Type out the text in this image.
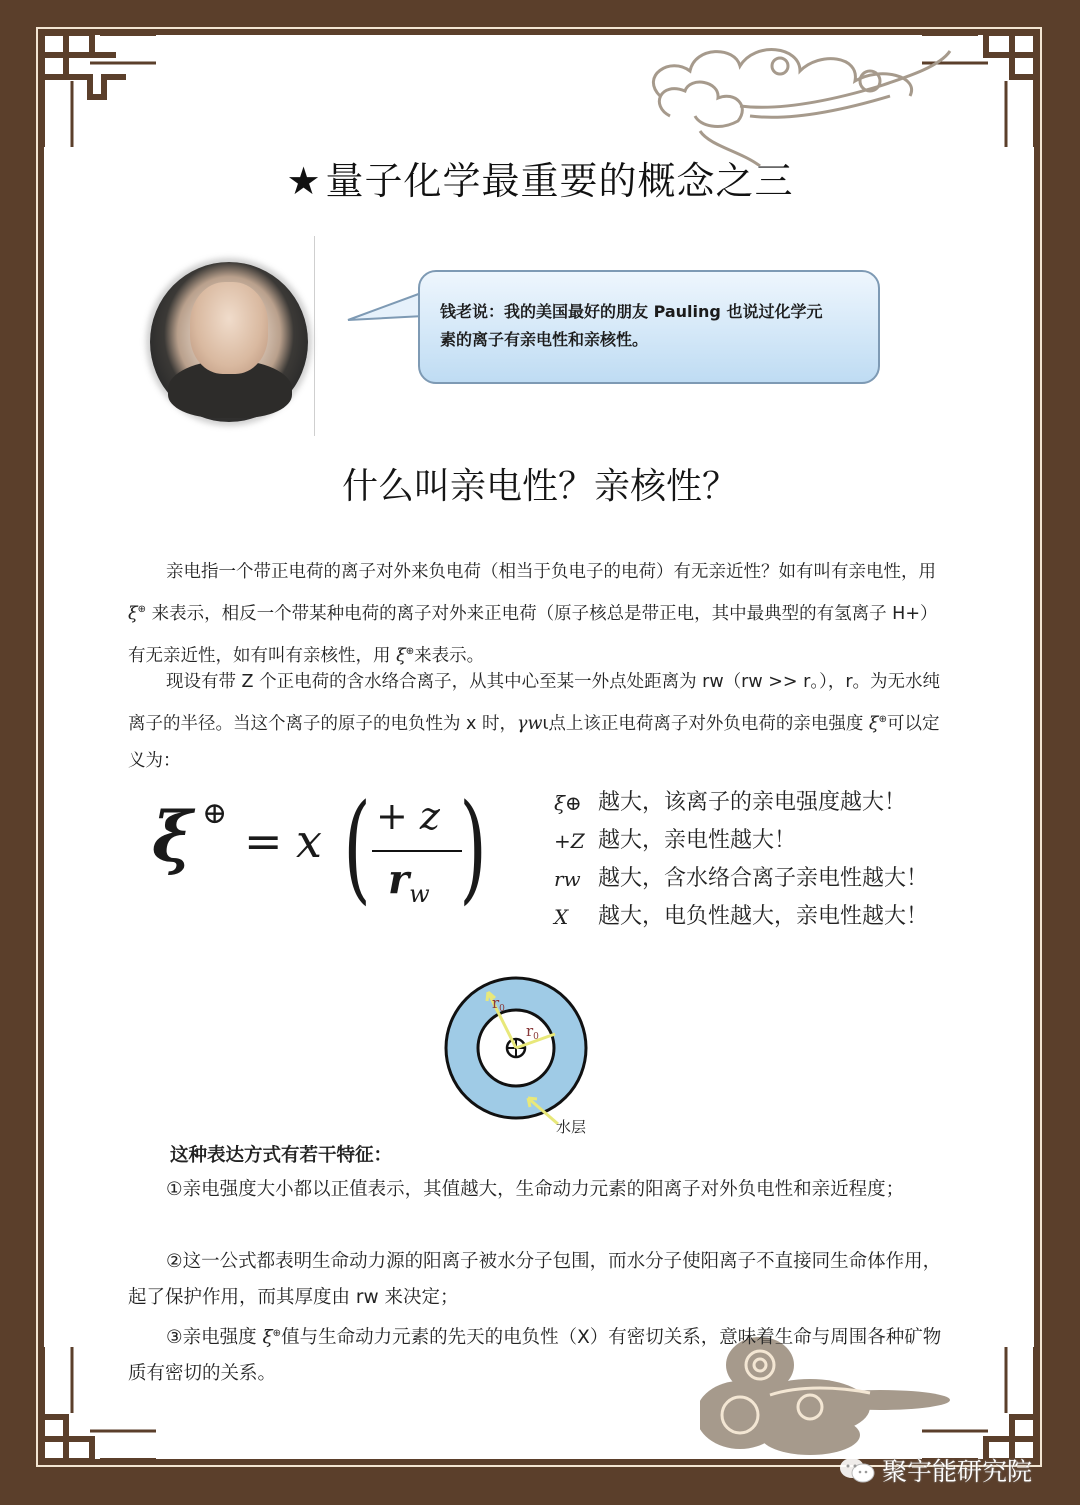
★ 量子化学最重要的概念之三
钱老说：我的美国最好的朋友 Pauling 也说过化学元
素的离子有亲电性和亲核性。
什么叫亲电性？亲核性？
亲电指一个带正电荷的离子对外来负电荷（相当于负电子的电荷）有无亲近性？如有叫有亲电性，用 ξ⊕ 来表示，相反一个带某种电荷的离子对外来正电荷（原子核总是带正电，其中最典型的有氢离子 H+）有无亲近性，如有叫有亲核性，用 ξ⊕来表示。
现设有带 Z 个正电荷的含水络合离子，从其中心至某一外点处距离为 rw（rw >> r。），r。为无水纯离子的半径。当这个离子的原子的电负性为 x 时，γwι点上该正电荷离子对外负电荷的亲电强度 ξ⊕可以定义为：
ξ ⊕
= x ( + z
$r_w$ )	ξ⊕ 越大，该离子的亲电强度越大！
+Z 越大，亲电性越大！
rw 越大，含水络合离子亲电性越大！
X	越大，电负性越大，亲电性越大！
$r_0$
$r_0$
水层
这种表达方式有若干特征：
①亲电强度大小都以正值表示，其值越大，生命动力元素的阳离子对外负电性和亲近程度；
②这一公式都表明生命动力源的阳离子被水分子包围，而水分子使阳离子不直接同生命体作用，起了保护作用，而其厚度由 rw 来决定；
③亲电强度 ξ⊕值与生命动力元素的先天的电负性（X）有密切关系，意味着生命与周围各种矿物质有密切的关系。
聚宇能研究院
